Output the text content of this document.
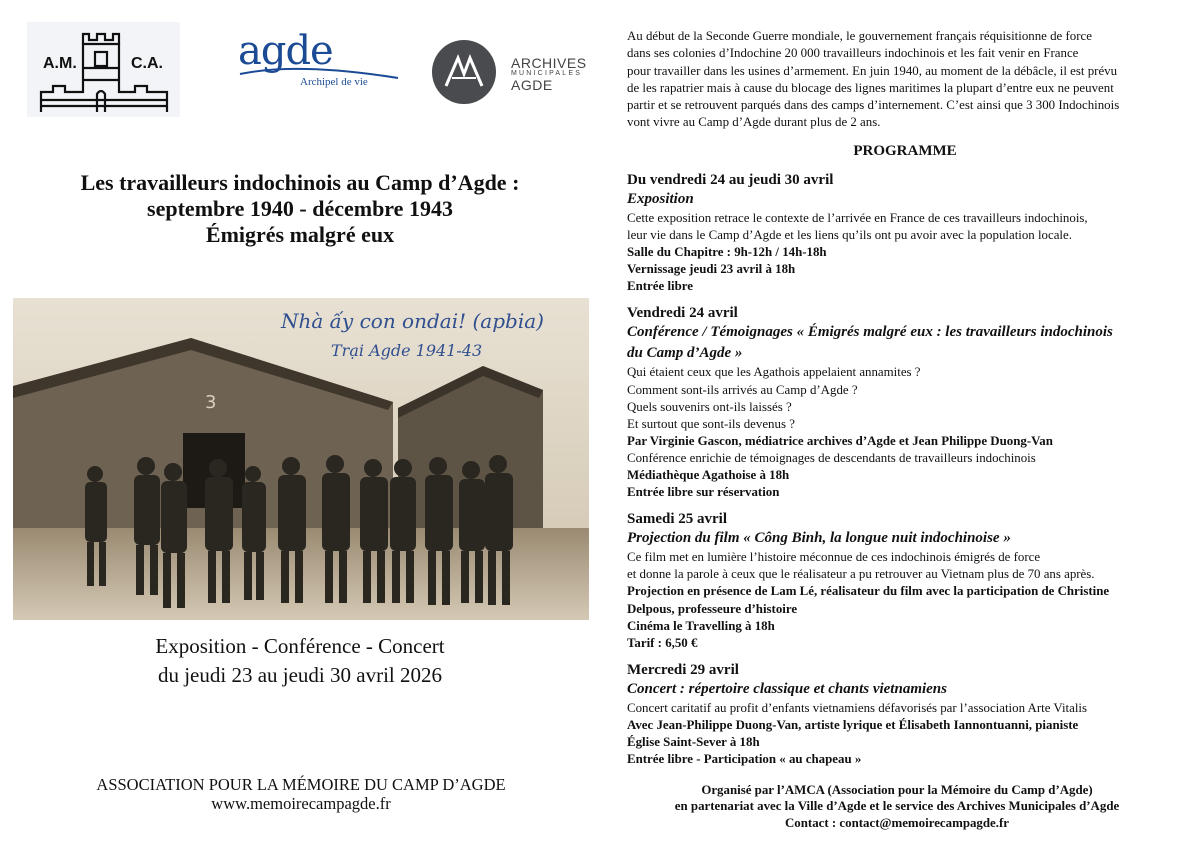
A.M.	C.A. agde
Archipel de vie
ARCHIVES
MUNICIPALES
AGDE
Les travailleurs indochinois au Camp d’Agde :
septembre 1940 - décembre 1943
Émigrés malgré eux
3
Nhà ấy con ondai! (apbia)
Trại Agde 1941-43
Exposition - Conférence - Concert
du jeudi 23 au jeudi 30 avril 2026
ASSOCIATION POUR LA MÉMOIRE DU CAMP D’AGDE
www.memoirecampagde.fr
Au début de la Seconde Guerre mondiale, le gouvernement français réquisitionne de force
dans ses colonies d’Indochine 20 000 travailleurs indochinois et les fait venir en France
pour travailler dans les usines d’armement. En juin 1940, au moment de la débâcle, il est prévu
de les rapatrier mais à cause du blocage des lignes maritimes la plupart d’entre eux ne peuvent
partir et se retrouvent parqués dans des camps d’internement. C’est ainsi que 3 300 Indochinois
vont vivre au Camp d’Agde durant plus de 2 ans.
PROGRAMME
Du vendredi 24 au jeudi 30 avril
Exposition
Cette exposition retrace le contexte de l’arrivée en France de ces travailleurs indochinois,
leur vie dans le Camp d’Agde et les liens qu’ils ont pu avoir avec la population locale.
Salle du Chapitre : 9h-12h / 14h-18h
Vernissage jeudi 23 avril à 18h
Entrée libre
Vendredi 24 avril
Conférence / Témoignages « Émigrés malgré eux : les travailleurs indochinois
du Camp d’Agde »
Qui étaient ceux que les Agathois appelaient annamites ?
Comment sont-ils arrivés au Camp d’Agde ?
Quels souvenirs ont-ils laissés ?
Et surtout que sont-ils devenus ?
Par Virginie Gascon, médiatrice archives d’Agde et Jean Philippe Duong-Van
Conférence enrichie de témoignages de descendants de travailleurs indochinois
Médiathèque Agathoise à 18h
Entrée libre sur réservation
Samedi 25 avril
Projection du film « Công Binh, la longue nuit indochinoise »
Ce film met en lumière l’histoire méconnue de ces indochinois émigrés de force
et donne la parole à ceux que le réalisateur a pu retrouver au Vietnam plus de 70 ans après.
Projection en présence de Lam Lé, réalisateur du film avec la participation de Christine
Delpous, professeure d’histoire
Cinéma le Travelling à 18h
Tarif : 6,50 €
Mercredi 29 avril
Concert : répertoire classique et chants vietnamiens
Concert caritatif au profit d’enfants vietnamiens défavorisés par l’association Arte Vitalis
Avec Jean-Philippe Duong-Van, artiste lyrique et Élisabeth Iannontuanni, pianiste
Église Saint-Sever à 18h
Entrée libre - Participation « au chapeau »
Organisé par l’AMCA (Association pour la Mémoire du Camp d’Agde)
en partenariat avec la Ville d’Agde et le service des Archives Municipales d’Agde
Contact : contact@memoirecampagde.fr
